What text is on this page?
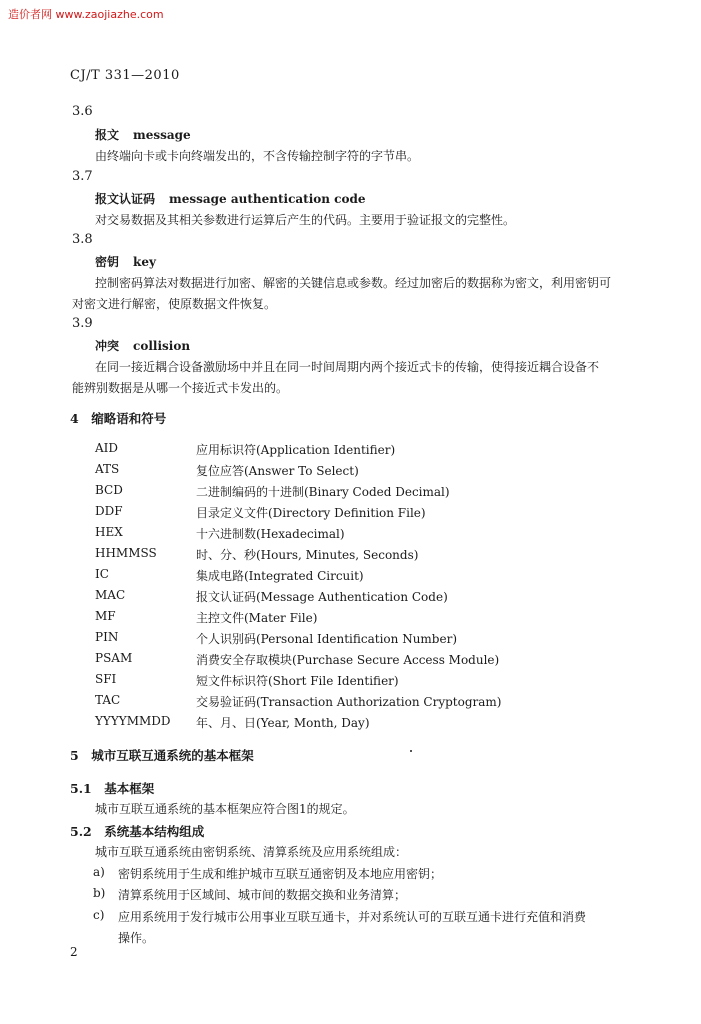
造价者网 www.zaojiazhe.com
CJ/T 331—2010
3.6
报文 message
由终端向卡或卡向终端发出的，不含传输控制字符的字节串。
3.7
报文认证码 message authentication code
对交易数据及其相关参数进行运算后产生的代码。主要用于验证报文的完整性。
3.8
密钥 key
控制密码算法对数据进行加密、解密的关键信息或参数。经过加密后的数据称为密文，利用密钥可
对密文进行解密，使原数据文件恢复。
3.9
冲突 collision
在同一接近耦合设备激励场中并且在同一时间周期内两个接近式卡的传输，使得接近耦合设备不
能辨别数据是从哪一个接近式卡发出的。
4　缩略语和符号
AID	应用标识符(Application Identifier)
ATS	复位应答(Answer To Select)
BCD	二进制编码的十进制(Binary Coded Decimal)
DDF	目录定义文件(Directory Definition File)
HEX	十六进制数(Hexadecimal)
HHMMSS	时、分、秒(Hours, Minutes, Seconds)
IC	集成电路(Integrated Circuit)
MAC	报文认证码(Message Authentication Code)
MF	主控文件(Mater File)
PIN	个人识别码(Personal Identification Number)
PSAM	消费安全存取模块(Purchase Secure Access Module)
SFI	短文件标识符(Short File Identifier)
TAC	交易验证码(Transaction Authorization Cryptogram)
YYYYMMDD 年、月、日(Year, Month, Day)
5　城市互联互通系统的基本框架
5.1　基本框架
城市互联互通系统的基本框架应符合图1的规定。
5.2　系统基本结构组成
城市互联互通系统由密钥系统、清算系统及应用系统组成：
a) 密钥系统用于生成和维护城市互联互通密钥及本地应用密钥；
b) 清算系统用于区域间、城市间的数据交换和业务清算；
c) 应用系统用于发行城市公用事业互联互通卡，并对系统认可的互联互通卡进行充值和消费
操作。
2
